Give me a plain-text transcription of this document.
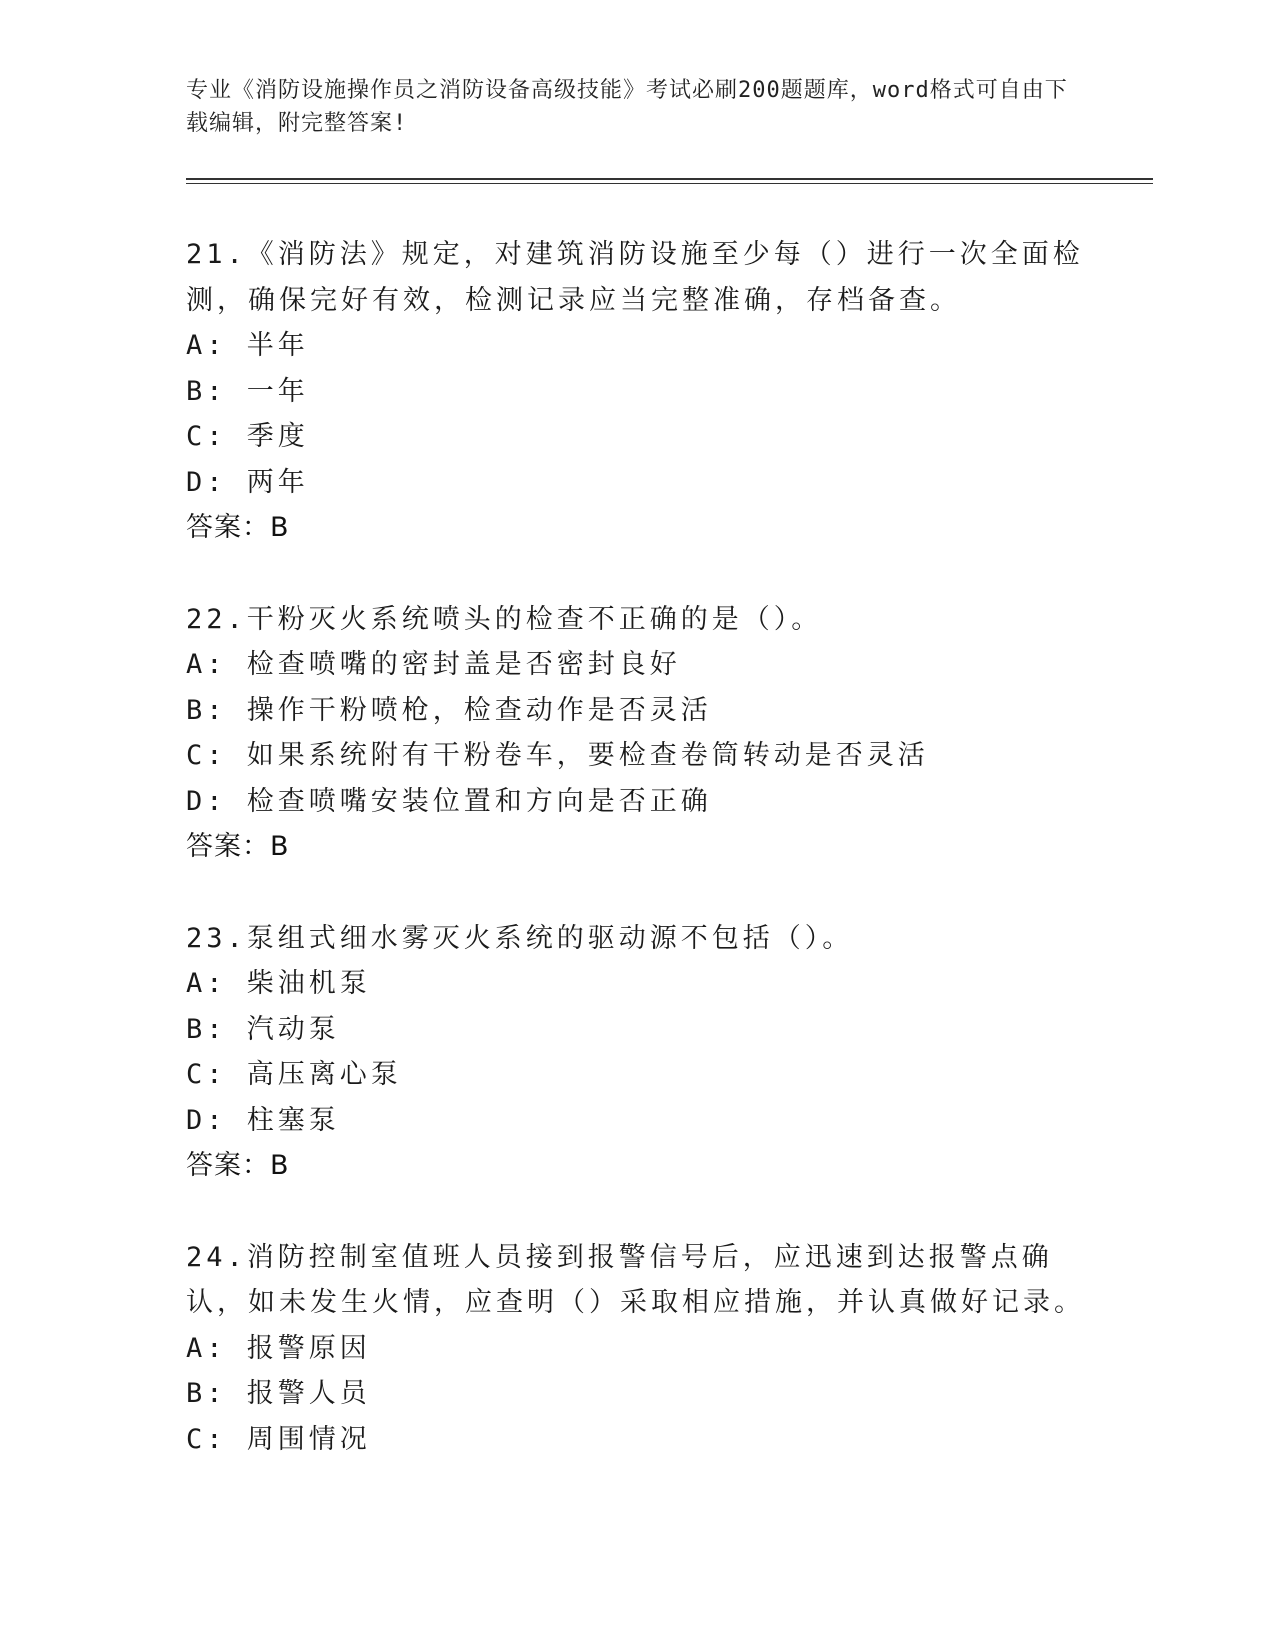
专业《消防设施操作员之消防设备高级技能》考试必刷200题题库，word格式可自由下载编辑，附完整答案!
21.《消防法》规定，对建筑消防设施至少每（）进行一次全面检测，确保完好有效，检测记录应当完整准确，存档备查。
A: 半年
B: 一年
C: 季度
D: 两年
答案：B
22.干粉灭火系统喷头的检查不正确的是（）。
A: 检查喷嘴的密封盖是否密封良好
B: 操作干粉喷枪，检查动作是否灵活
C: 如果系统附有干粉卷车，要检查卷筒转动是否灵活
D: 检查喷嘴安装位置和方向是否正确
答案：B
23.泵组式细水雾灭火系统的驱动源不包括（）。
A: 柴油机泵
B: 汽动泵
C: 高压离心泵
D: 柱塞泵
答案：B
24.消防控制室值班人员接到报警信号后，应迅速到达报警点确认，如未发生火情，应查明（）采取相应措施，并认真做好记录。
A: 报警原因
B: 报警人员
C: 周围情况
